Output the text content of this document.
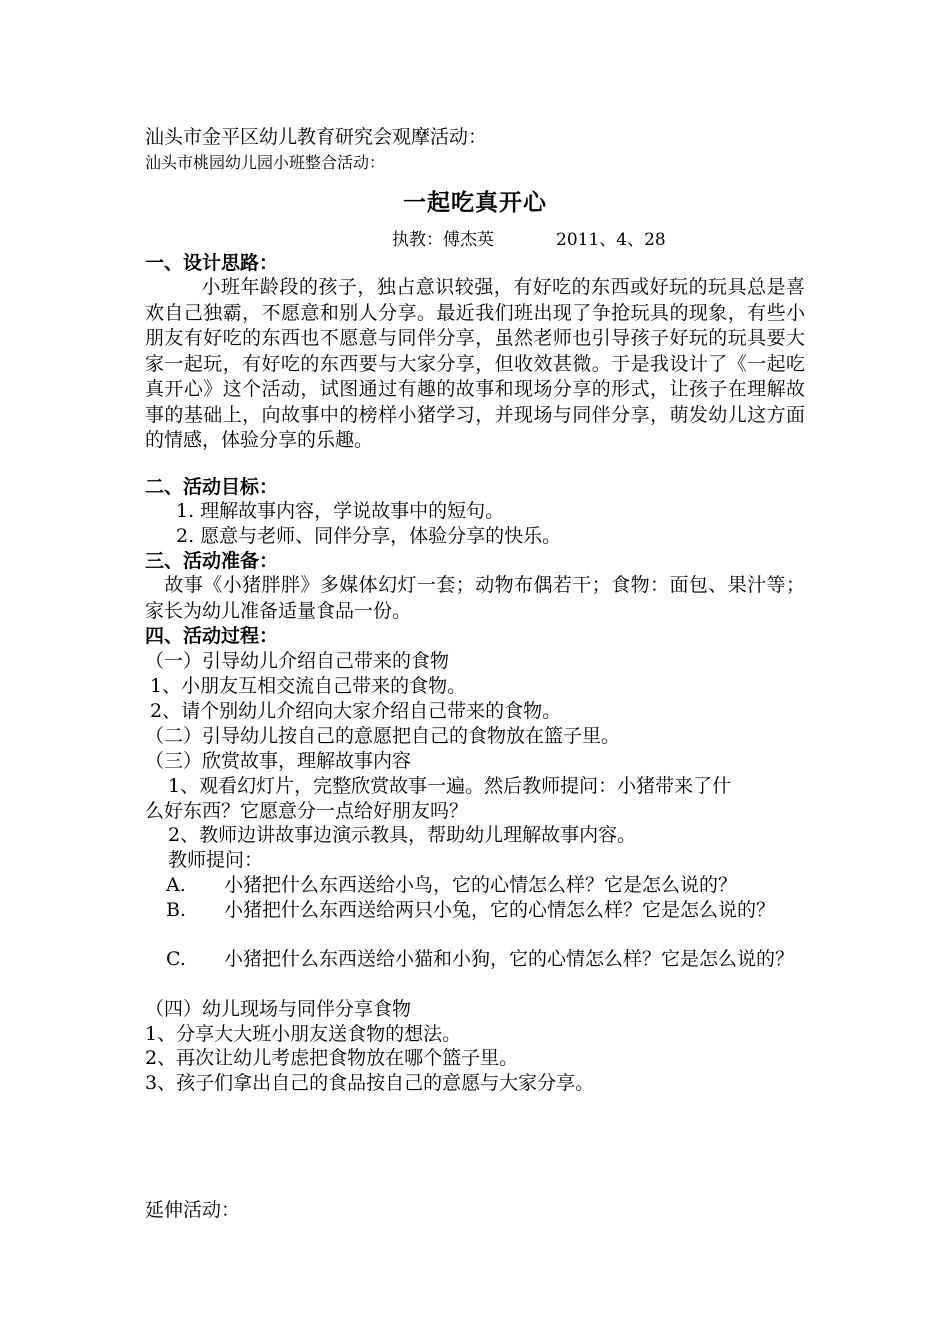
汕头市金平区幼儿教育研究会观摩活动：
汕头市桃园幼儿园小班整合活动：
一起吃真开心
执教：傅杰英	2011、4、28
一、设计思路：
小班年龄段的孩子，独占意识较强，有好吃的东西或好玩的玩具总是喜欢自己独霸，不愿意和别人分享。最近我们班出现了争抢玩具的现象，有些小朋友有好吃的东西也不愿意与同伴分享，虽然老师也引导孩子好玩的玩具要大家一起玩，有好吃的东西要与大家分享，但收效甚微。于是我设计了《一起吃真开心》这个活动，试图通过有趣的故事和现场分享的形式，让孩子在理解故事的基础上，向故事中的榜样小猪学习，并现场与同伴分享，萌发幼儿这方面的情感，体验分享的乐趣。
二、活动目标：
1. 理解故事内容，学说故事中的短句。
2. 愿意与老师、同伴分享，体验分享的快乐。
三、活动准备：
故事《小猪胖胖》多媒体幻灯一套；动物布偶若干；食物：面包、果汁等；家长为幼儿准备适量食品一份。
四、活动过程：
（一）引导幼儿介绍自己带来的食物
1、小朋友互相交流自己带来的食物。
2、请个别幼儿介绍向大家介绍自己带来的食物。
（二）引导幼儿按自己的意愿把自己的食物放在篮子里。
（三）欣赏故事，理解故事内容
1、观看幻灯片，完整欣赏故事一遍。然后教师提问：小猪带来了什
么好东西？它愿意分一点给好朋友吗？
2、教师边讲故事边演示教具，帮助幼儿理解故事内容。
教师提问：
A.	小猪把什么东西送给小鸟，它的心情怎么样？它是怎么说的？
B.	小猪把什么东西送给两只小兔，它的心情怎么样？它是怎么说的？
C.	小猪把什么东西送给小猫和小狗，它的心情怎么样？它是怎么说的？
（四）幼儿现场与同伴分享食物
1、分享大大班小朋友送食物的想法。
2、再次让幼儿考虑把食物放在哪个篮子里。
3、孩子们拿出自己的食品按自己的意愿与大家分享。
延伸活动：
